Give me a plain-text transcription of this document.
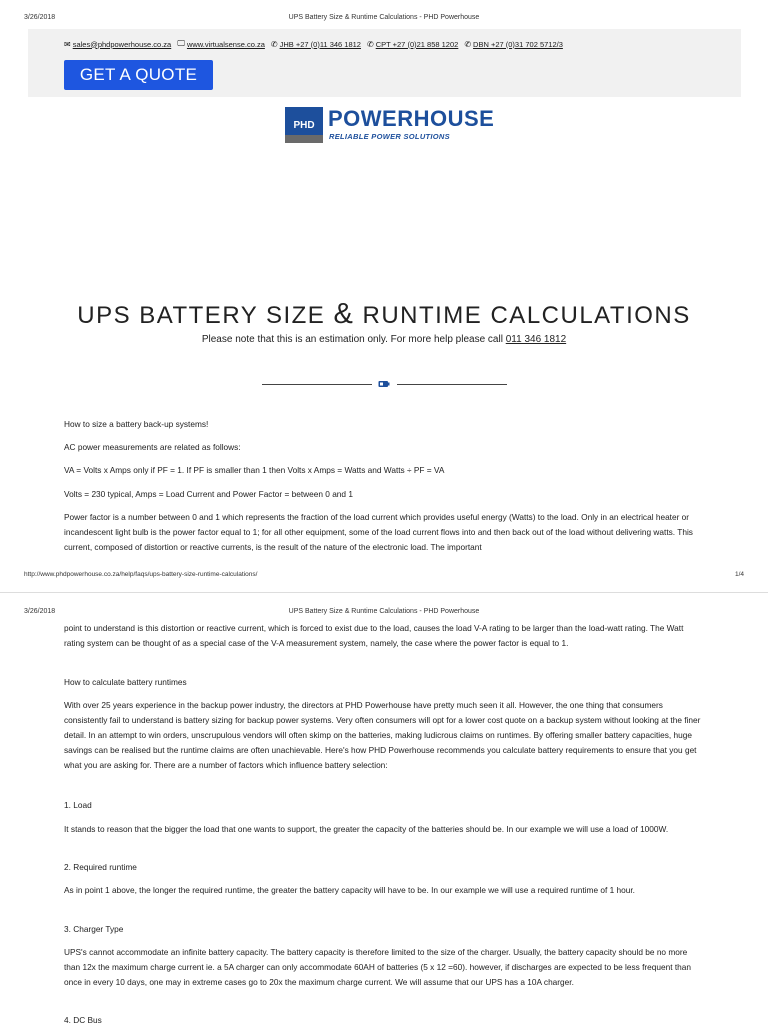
3/26/2018	UPS Battery Size & Runtime Calculations - PHD Powerhouse
✉ sales@phdpowerhouse.co.za 🖵 www.virtualsense.co.za ✆ JHB +27 (0)11 346 1812 ✆ CPT +27 (0)21 858 1202 ✆ DBN +27 (0)31 702 5712/3
GET A QUOTE
PHD POWERHOUSE
RELIABLE POWER SOLUTIONS
UPS BATTERY SIZE & RUNTIME CALCULATIONS
Please note that this is an estimation only. For more help please call 011 346 1812

How to size a battery back-up systems!

AC power measurements are related as follows:

VA = Volts x Amps only if PF = 1. If PF is smaller than 1 then Volts x Amps = Watts and Watts ÷ PF = VA

Volts = 230 typical, Amps = Load Current and Power Factor = between 0 and 1

Power factor is a number between 0 and 1 which represents the fraction of the load current which provides useful energy (Watts) to the load. Only in an electrical heater or incandescent light bulb is the power factor equal to 1; for all other equipment, some of the load current flows into and then back out of the load without delivering watts. This current, composed of distortion or reactive currents, is the result of the nature of the electronic load. The important

http://www.phdpowerhouse.co.za/help/faqs/ups-battery-size-runtime-calculations/	1/4
3/26/2018	UPS Battery Size & Runtime Calculations - PHD Powerhouse

point to understand is this distortion or reactive current, which is forced to exist due to the load, causes the load V-A rating to be larger than the load-watt rating. The Watt rating system can be thought of as a special case of the V-A measurement system, namely, the case where the power factor is equal to 1.

How to calculate battery runtimes

With over 25 years experience in the backup power industry, the directors at PHD Powerhouse have pretty much seen it all. However, the one thing that consumers consistently fail to understand is battery sizing for backup power systems. Very often consumers will opt for a lower cost quote on a backup system without looking at the finer detail. In an attempt to win orders, unscrupulous vendors will often skimp on the batteries, making ludicrous claims on runtimes. By offering smaller battery capacities, huge savings can be realised but the runtime claims are often unachievable. Here's how PHD Powerhouse recommends you calculate battery requirements to ensure that you get what you are asking for. There are a number of factors which influence battery selection:

1. Load

It stands to reason that the bigger the load that one wants to support, the greater the capacity of the batteries should be. In our example we will use a load of 1000W.

2. Required runtime

As in point 1 above, the longer the required runtime, the greater the battery capacity will have to be. In our example we will use a required runtime of 1 hour.

3. Charger Type

UPS's cannot accommodate an infinite battery capacity. The battery capacity is therefore limited to the size of the charger. Usually, the battery capacity should be no more than 12x the maximum charge current ie. a 5A charger can only accommodate 60AH of batteries (5 x 12 =60). however, if discharges are expected to be less frequent than once in every 10 days, one may in extreme cases go to 20x the maximum charge current. We will assume that our UPS has a 10A charger.

4. DC Bus
